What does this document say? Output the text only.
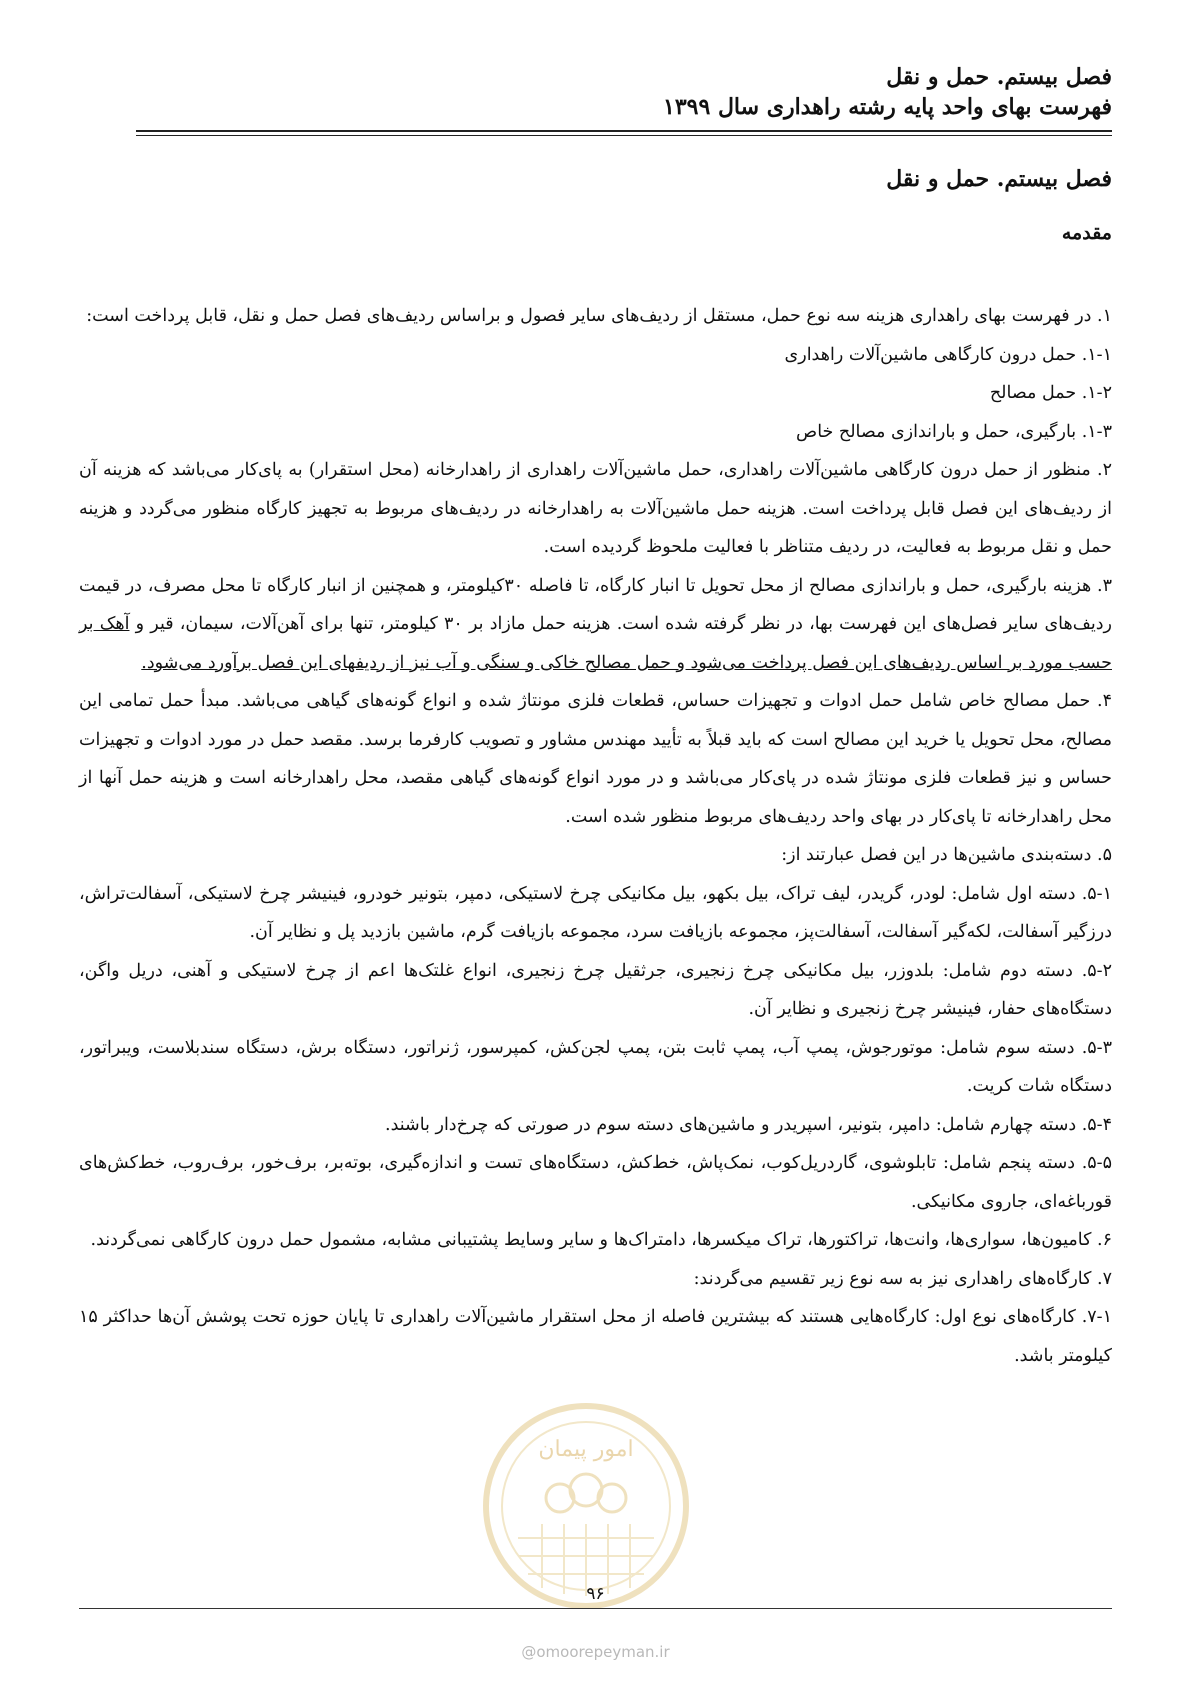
فصل بیستم. حمل و نقل
فهرست بهای واحد پایه رشته راهداری سال ۱۳۹۹
فصل بیستم. حمل و نقل
مقدمه

۱. در فهرست بهای راهداری هزینه سه نوع حمل، مستقل از ردیف‌های سایر فصول و براساس ردیف‌های فصل حمل و نقل، قابل پرداخت است:

۱-۱. حمل درون کارگاهی ماشین‌آلات راهداری

۱-۲. حمل مصالح

۱-۳. بارگیری، حمل و باراندازی مصالح خاص

۲. منظور از حمل درون کارگاهی ماشین‌آلات راهداری، حمل ماشین‌آلات راهداری از راهدارخانه (محل استقرار) به پای‌کار می‌باشد که هزینه آن از ردیف‌های این فصل قابل پرداخت است. هزینه حمل ماشین‌آلات به راهدارخانه در ردیف‌های مربوط به تجهیز کارگاه منظور می‌گردد و هزینه حمل و نقل مربوط به فعالیت، در ردیف متناظر با فعالیت ملحوظ گردیده است.

۳. هزینه بارگیری، حمل و باراندازی مصالح از محل تحویل تا انبار کارگاه، تا فاصله ۳۰کیلومتر، و همچنین از انبار کارگاه تا محل مصرف، در قیمت ردیف‌های سایر فصل‌های این فهرست بها، در نظر گرفته شده است. هزینه حمل مازاد بر ۳۰ کیلومتر، تنها برای آهن‌آلات، سیمان، قیر و آهک بر حسب مورد بر اساس ردیف‌های این فصل پرداخت می‌شود و حمل مصالح خاکی و سنگی و آب نیز از ردیفهای این فصل برآورد می‌شود.

۴. حمل مصالح خاص شامل حمل ادوات و تجهیزات حساس، قطعات فلزی مونتاژ شده و انواع گونه‌های گیاهی می‌باشد. مبدأ حمل تمامی این مصالح، محل تحویل یا خرید این مصالح است که باید قبلاً به تأیید مهندس مشاور و تصویب کارفرما برسد. مقصد حمل در مورد ادوات و تجهیزات حساس و نیز قطعات فلزی مونتاژ شده در پای‌کار می‌باشد و در مورد انواع گونه‌های گیاهی مقصد، محل راهدارخانه است و هزینه حمل آنها از محل راهدارخانه تا پای‌کار در بهای واحد ردیف‌های مربوط منظور شده است.

۵. دسته‌بندی ماشین‌ها در این فصل عبارتند از:

۵-۱. دسته اول شامل: لودر، گریدر، لیف تراک، بیل بکهو، بیل مکانیکی چرخ لاستیکی، دمپر، بتونیر خودرو، فینیشر چرخ لاستیکی، آسفالت‌تراش، درزگیر آسفالت، لکه‌گیر آسفالت، آسفالت‌پز، مجموعه بازیافت سرد، مجموعه بازیافت گرم، ماشین بازدید پل و نظایر آن.

۵-۲. دسته دوم شامل: بلدوزر، بیل مکانیکی چرخ زنجیری، جرثقیل چرخ زنجیری، انواع غلتک‌ها اعم از چرخ لاستیکی و آهنی، دریل واگن، دستگاه‌های حفار، فینیشر چرخ زنجیری و نظایر آن.

۵-۳. دسته سوم شامل: موتورجوش، پمپ آب، پمپ ثابت بتن، پمپ لجن‌کش، کمپرسور، ژنراتور، دستگاه برش، دستگاه سندبلاست، ویبراتور، دستگاه شات کریت.

۵-۴. دسته چهارم شامل: دامپر، بتونیر، اسپریدر و ماشین‌های دسته سوم در صورتی که چرخ‌دار باشند.

۵-۵. دسته پنجم شامل: تابلوشوی، گاردریل‌کوب، نمک‌پاش، خط‌کش، دستگاه‌های تست و اندازه‌گیری، بوته‌بر، برف‌خور، برف‌روب، خط‌کش‌های قورباغه‌ای، جاروی مکانیکی.

۶. کامیون‌ها، سواری‌ها، وانت‌ها، تراکتورها، تراک میکسرها، دامتراک‌ها و سایر وسایط پشتیبانی مشابه، مشمول حمل درون کارگاهی نمی‌گردند.

۷. کارگاه‌های راهداری نیز به سه نوع زیر تقسیم می‌گردند:

۷-۱. کارگاه‌های نوع اول: کارگاه‌هایی هستند که بیشترین فاصله از محل استقرار ماشین‌آلات راهداری تا پایان حوزه تحت پوشش آن‌ها حداکثر ۱۵ کیلومتر باشد.

امور پیمان
۹۶
@omoorepeyman.ir
